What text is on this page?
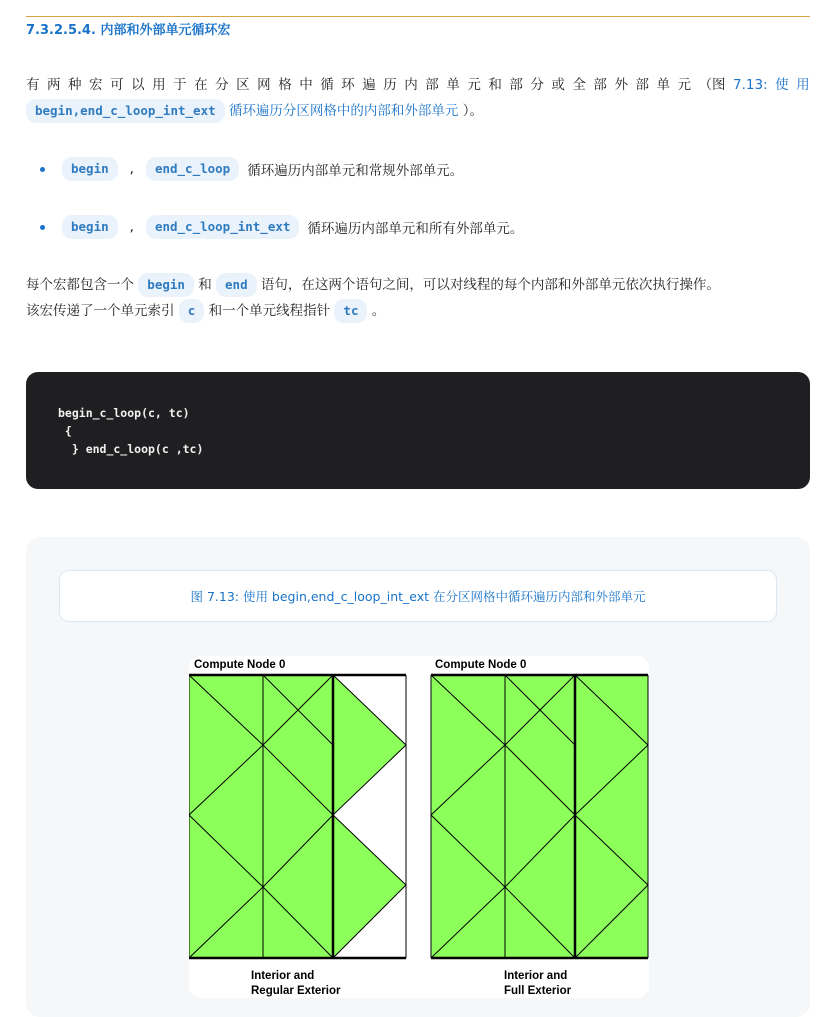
7.3.2.5.4. 内部和外部单元循环宏
有 两 种 宏 可 以 用 于 在 分 区 网 格 中 循 环 遍 历 内 部 单 元 和 部 分 或 全 部 外 部 单 元 （图 7.13: 使 用
begin,end_c_loop_int_ext 循环遍历分区网格中的内部和外部单元 ）。
begin	,	end_c_loop	循环遍历内部单元和常规外部单元。
begin	,	end_c_loop_int_ext	循环遍历内部单元和所有外部单元。
每个宏都包含一个 begin 和 end 语句，在这两个语句之间，可以对线程的每个内部和外部单元依次执行操作。
该宏传递了一个单元索引 c 和一个单元线程指针 tc 。
begin_c_loop(c, tc)
{
} end_c_loop(c ,tc)
图 7.13: 使用 begin,end_c_loop_int_ext 在分区网格中循环遍历内部和外部单元
Compute Node 0	Compute Node 0
Interior and
Regular Exterior
Interior and
Full Exterior
